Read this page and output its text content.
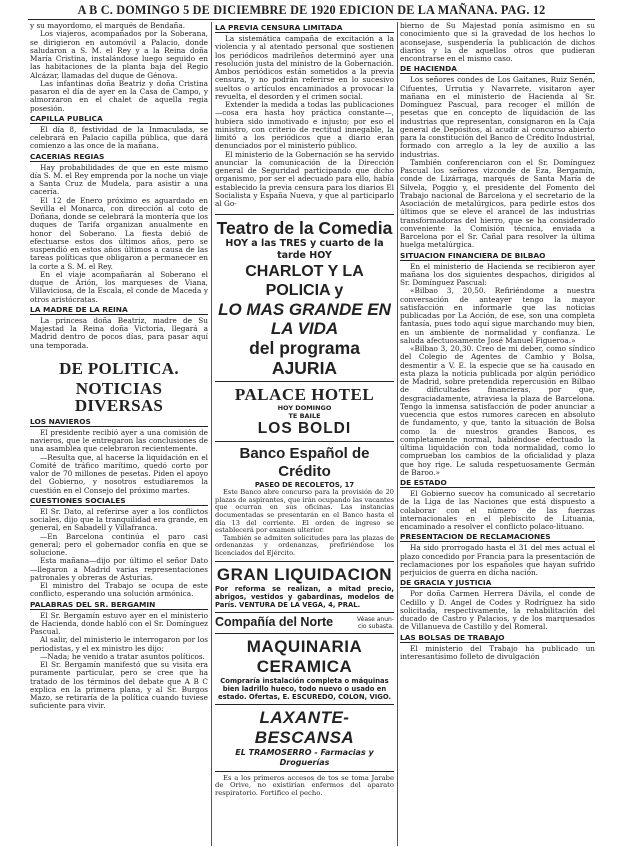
A B C. DOMINGO 5 DE DICIEMBRE DE 1920 EDICION DE LA MAÑANA. PAG. 12

y su mayordomo, el marqués de Bendaña.

Los viajeros, acompañados por la Soberana, se dirigieron en automóvil a Palacio, donde saludaron a S. M. el Rey y a la Reina doña María Cristina, instalándose luego seguido en las habitaciones de la planta baja del Regio Alcázar, llamadas del duque de Génova.

Las infantinas doña Beatriz y doña Cristina pasaron el día de ayer en la Casa de Campo, y almorzaron en el chalet de aquella regia posesión.

CAPILLA PUBLICA

El día 8, festividad de la Inmaculada, se celebrará en Palacio capilla pública, que dará comienzo a las once de la mañana.

CACERIAS REGIAS

Hay probabilidades de que en este mismo día S. M. el Rey emprenda por la noche un viaje a Santa Cruz de Mudela, para asistir a una cacería.

El 12 de Enero próximo es aguardado en Sevilla el Monarca, con dirección al coto de Doñana, donde se celebrará la montería que los duques de Tarifa organizan anualmente en honor del Soberano. La fiesta debió de efectuarse estos dos últimos años, pero se suspendió en estos años últimos a causa de las tareas políticas que obligaron a permanecer en la corte a S. M. el Rey.

En el viaje acompañarán al Soberano el duque de Arión, los marqueses de Viana, Villaviciosa, de la Escala, el conde de Maceda y otros aristócratas.

LA MADRE DE LA REINA

La princesa doña Beatriz, madre de Su Majestad la Reina doña Victoria, llegará a Madrid dentro de pocos días, para pasar aquí una temporada.

DE POLITICA.
NOTICIAS DIVERSAS
LOS NAVIEROS

El presidente recibió ayer a una comisión de navieros, que le entregaron las conclusiones de una asamblea que celebraron recientemente.

—Resulta que, al hacerse la liquidación en el Comité de tráfico marítimo, quedó corto por valor de 70 millones de pesetas. Piden el apoyo del Gobierno, y nosotros estudiaremos la cuestión en el Consejo del próximo martes.

CUESTIONES SOCIALES

El Sr. Dato, al referirse ayer a los conflictos sociales, dijo que la tranquilidad era grande, en general, en Sabadell y Villafranca.

—En Barcelona continúa el paro casi general; pero el gobernador confía en que se solucione.

Esta mañana—dijo por último el señor Dato—llegaron a Madrid varias representaciones patronales y obreras de Asturias.

El ministro del Trabajo se ocupa de este conflicto, esperando una solución armónica.

PALABRAS DEL SR. BERGAMIN

El Sr. Bergamín estuvo ayer en el ministerio de Hacienda, donde habló con el Sr. Domínguez Pascual.

Al salir, del ministerio le interrogaron por los periodistas, y el ex ministro les dijo:

—Nada; he venido a tratar asuntos políticos.

El Sr. Bergamín manifestó que su visita era puramente particular, pero se cree que ha tratado de los términos del debate que A B C explica en la primera plana, y al Sr. Burgos Mazo, se retiraría de la política cuando tuviese suficiente para vivir.

LA PREVIA CENSURA LIMITADA

La sistemática campaña de excitación a la violencia y al atentado personal que sostienen los periódicos madrileños determinó ayer una resolución justa del ministro de la Gobernación. Ambos periódicos están sometidos a la previa censura, y no podrán referirse en lo sucesivo sueltos o artículos encaminados a provocar la revuelta, el desorden y el crimen social.

Extender la medida a todas las publicaciones—cosa era hasta hoy práctica constante—, hubiera sido inmotivado e injusto; por eso el ministro, con criterio de rectitud innegable, la limitó a los periódicos que a diario eran denunciados por el ministerio público.

El ministerio de la Gobernación se ha servido anunciar la comunicación de la Dirección general de Seguridad participando que dicho organismo, por ser el adecuado para ello, había establecido la previa censura para los diarios El Socialista y España Nueva, y que al participarlo al Go-

Teatro de la Comedia
HOY a las TRES y cuarto de la tarde HOY
CHARLOT Y LA POLICIA y
LO MAS GRANDE EN LA VIDA
del programa AJURIA
PALACE HOTEL
HOY DOMINGO
TE BAILE
LOS BOLDI
Banco Español de Crédito
PASEO DE RECOLETOS, 17
Este Banco abre concurso para la provisión de 20 plazas de aspirantes, que irán ocupando las vacantes que ocurran en sus oficinas. Las instancias documentadas se presentarán en el Banco hasta el día 13 del corriente. El orden de ingreso se establecerá por examen ulterior.
También se admiten solicitudes para las plazas de ordenanzas y ordenanzas, prefiriéndose los licenciados del Ejército.
GRAN LIQUIDACION
Por reforma se realizan, a mitad precio, abrigos, vestidos y gabardinas, modelos de París. VENTURA DE LA VEGA, 4, PRAL.
Compañía del Norte	Véase anun-
cio subasta.
MAQUINARIA CERAMICA
Compraría instalación completa o máquinas bien ladrillo hueco, todo nuevo o usado en estado. Ofertas, E. ESCUREDO, COLON, VIGO.
LAXANTE-BESCANSA
EL TRAMOSERRO - Farmacias y Droguerías
Es a los primeros accesos de tos se toma Jarabe de Orive, no existirían enfermos del aparato respiratorio. Fortifico el pecho.

bierno de Su Majestad ponía asimismo en su conocimiento que si la gravedad de los hechos lo aconsejase, suspendería la publicación de dichos diarios y la de aquellos otros que pudieran encontrarse en el mismo caso.

DE HACIENDA

Los señores condes de Los Gaitanes, Ruiz Senén, Cifuentes, Urrutia y Navarrete, visitaron ayer mañana en el ministerio de Hacienda al Sr. Domínguez Pascual, para recoger el millón de pesetas que en concepto de liquidación de las industrias que representan, consignaron en la Caja general de Depósitos, al acudir al concurso abierto para la constitución del Banco de Crédito Industrial, formado con arreglo a la ley de auxilio a las industrias.

También conferenciaron con el Sr. Domínguez Pascual los señores vizconde de Eza, Bergamín, conde de Lizárraga, marqués de Santa María de Silvela, Poggio y, el presidente del Fomento del Trabajo nacional de Barcelona y el secretario de la Asociación de metalúrgicos, para pedirle estos dos últimos que se eleve el arancel de las industrias transformadoras del hierro, que se ha considerado conveniente la Comisión técnica, enviada a Barcelona por el Sr. Cañal para resolver la última huelga metalúrgica.

SITUACION FINANCIERA DE BILBAO

En el ministerio de Hacienda se recibieron ayer mañana los dos siguientes despachos, dirigidos al Sr. Domínguez Pascual:

«Bilbao 3, 20,50. Refiriéndome a nuestra conversación de anteayer tengo la mayor satisfacción en informarle que las noticias publicadas por La Acción, de ese, son una completa fantasía, pues todo aquí sigue marchando muy bien, en un ambiente de normalidad y confianza. Le saluda afectuosamente José Manuel Figueroa.»

«Bilbao 3, 20,30. Creo de mi deber, como síndico del Colegio de Agentes de Cambio y Bolsa, desmentir a V. E. la especie que se ha causado en esta plaza la noticia publicada por algún periódico de Madrid, sobre pretendida repercusión en Bilbao de dificultades financieras, por que, desgraciadamente, atraviesa la plaza de Barcelona. Tengo la inmensa satisfacción de poder anunciar a vuecencia que estos rumores carecen en absoluto de fundamento, y que, tanto la situación de Bolsa como la de nuestros grandes Bancos, es completamente normal, habiéndose efectuado la última liquidación con toda normalidad, como lo comprueban los cambios de la oficialidad y plaza que hoy rige. Le saluda respetuosamente Germán de Baroo.»

DE ESTADO

El Gobierno suecov ha comunicado al secretario de la Liga de las Naciones que está dispuesto a colaborar con el número de las fuerzas internacionales en el plebiscito de Lituania, encaminado a resolver el conflicto polaco-lituano.

PRESENTACION DE RECLAMACIONES

Ha sido prorrogado hasta el 31 del mes actual el plazo concedido por Francia para la presentación de reclamaciones por los españoles que hayan sufrido perjuicios de guerra en dicha nación.

DE GRACIA Y JUSTICIA

Por doña Carmen Herrera Dávila, el conde de Cedillo y D. Angel de Codes y Rodríguez ha sido solicitada, respectivamente, la rehabilitación del ducado de Castro y Palacios, y de los marquesados de Villanueva de Castillo y del Romeral.

LAS BOLSAS DE TRABAJO

El ministerio del Trabajo ha publicado un interesantísimo folleto de divulgación
